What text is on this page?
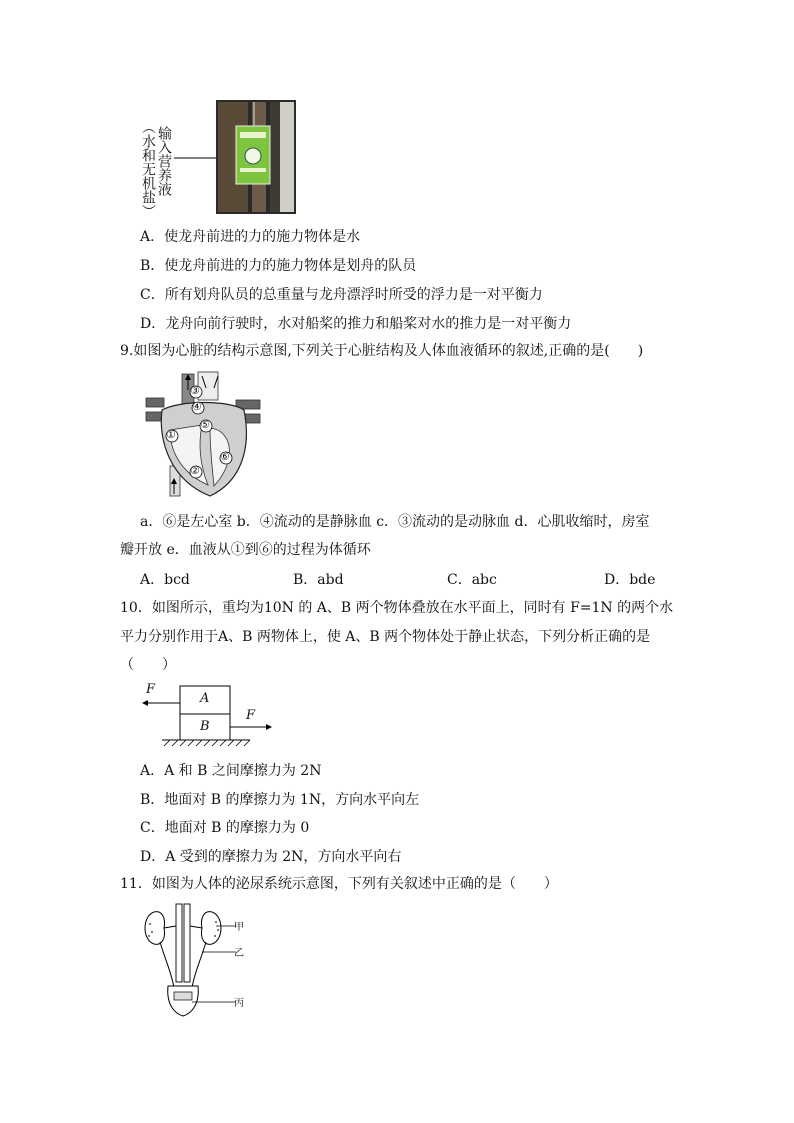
（水和无机盐） 输入营养液
A．使龙舟前进的力的施力物体是水
B．使龙舟前进的力的施力物体是划舟的队员
C．所有划舟队员的总重量与龙舟漂浮时所受的浮力是一对平衡力
D．龙舟向前行驶时，水对船桨的推力和船桨对水的推力是一对平衡力
9.如图为心脏的结构示意图,下列关于心脏结构及人体血液循环的叙述,正确的是(　　)
③
④
①
⑤
⑥
②
a．⑥是左心室 b．④流动的是静脉血 c．③流动的是动脉血 d．心肌收缩时，房室
瓣开放 e．血液从①到⑥的过程为体循环
A．bcd	B．abd	C．abc	D．bde
10．如图所示，重均为10N 的 A、B 两个物体叠放在水平面上，同时有 F=1N 的两个水
平力分别作用于A、B 两物体上，使 A、B 两个物体处于静止状态，下列分析正确的是
（　　）
A
B
F
F
A．A 和 B 之间摩擦力为 2N
B．地面对 B 的摩擦力为 1N，方向水平向左
C．地面对 B 的摩擦力为 0
D．A 受到的摩擦力为 2N，方向水平向右
11．如图为人体的泌尿系统示意图，下列有关叙述中正确的是（　　）
甲
乙
丙
